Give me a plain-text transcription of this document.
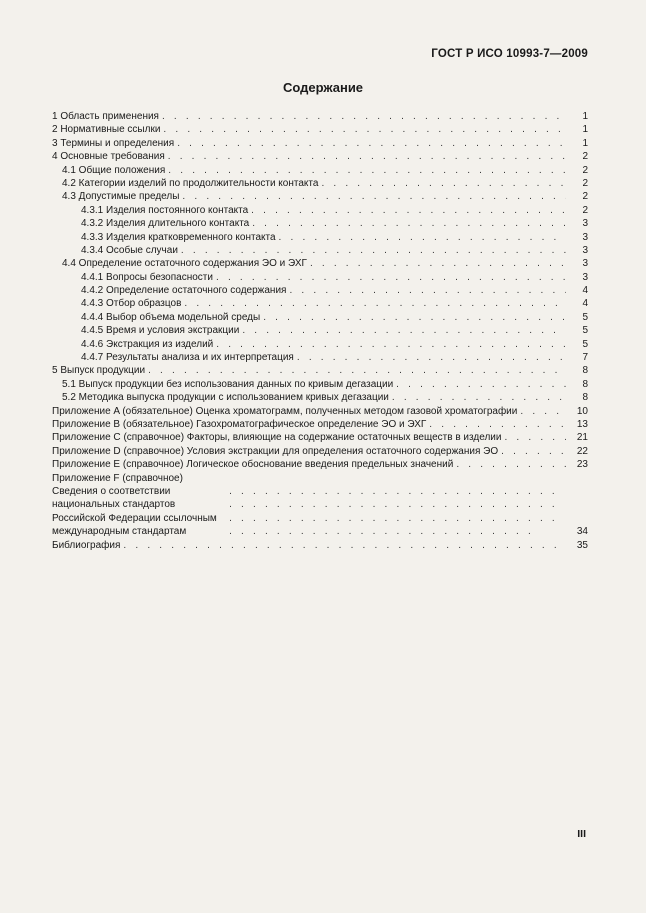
ГОСТ Р ИСО 10993-7—2009
Содержание
1 Область применения . . .	1
2 Нормативные ссылки . . .	1
3 Термины и определения . . .	1
4 Основные требования . . .	2
4.1 Общие положения . . .	2
4.2 Категории изделий по продолжительности контакта . . .	2
4.3 Допустимые пределы . . .	2
4.3.1 Изделия постоянного контакта . . .	2
4.3.2 Изделия длительного контакта . . .	3
4.3.3 Изделия кратковременного контакта . . .	3
4.3.4 Особые случаи . . .	3
4.4 Определение остаточного содержания ЭО и ЭХГ . . .	3
4.4.1 Вопросы безопасности . . .	3
4.4.2 Определение остаточного содержания . . .	4
4.4.3 Отбор образцов . . .	4
4.4.4 Выбор объема модельной среды . . .	5
4.4.5 Время и условия экстракции . . .	5
4.4.6 Экстракция из изделий . . .	5
4.4.7 Результаты анализа и их интерпретация . . .	7
5 Выпуск продукции . . .	8
5.1 Выпуск продукции без использования данных по кривым дегазации . . .	8
5.2 Методика выпуска продукции с использованием кривых дегазации . . .	8
Приложение A (обязательное) Оценка хроматограмм, полученных методом газовой хроматографии . . .	10
Приложение B (обязательное) Газохроматографическое определение ЭО и ЭХГ . . .	13
Приложение C (справочное) Факторы, влияющие на содержание остаточных веществ в изделии . . .	21
Приложение D (справочное) Условия экстракции для определения остаточного содержания ЭО . . .	22
Приложение E (справочное) Логическое обоснование введения предельных значений . . .	23
Приложение F (справочное) Сведения о соответствии национальных стандартов Российской Федерации ссылочным международным стандартам . . .	34
Библиография . . .	35
III
